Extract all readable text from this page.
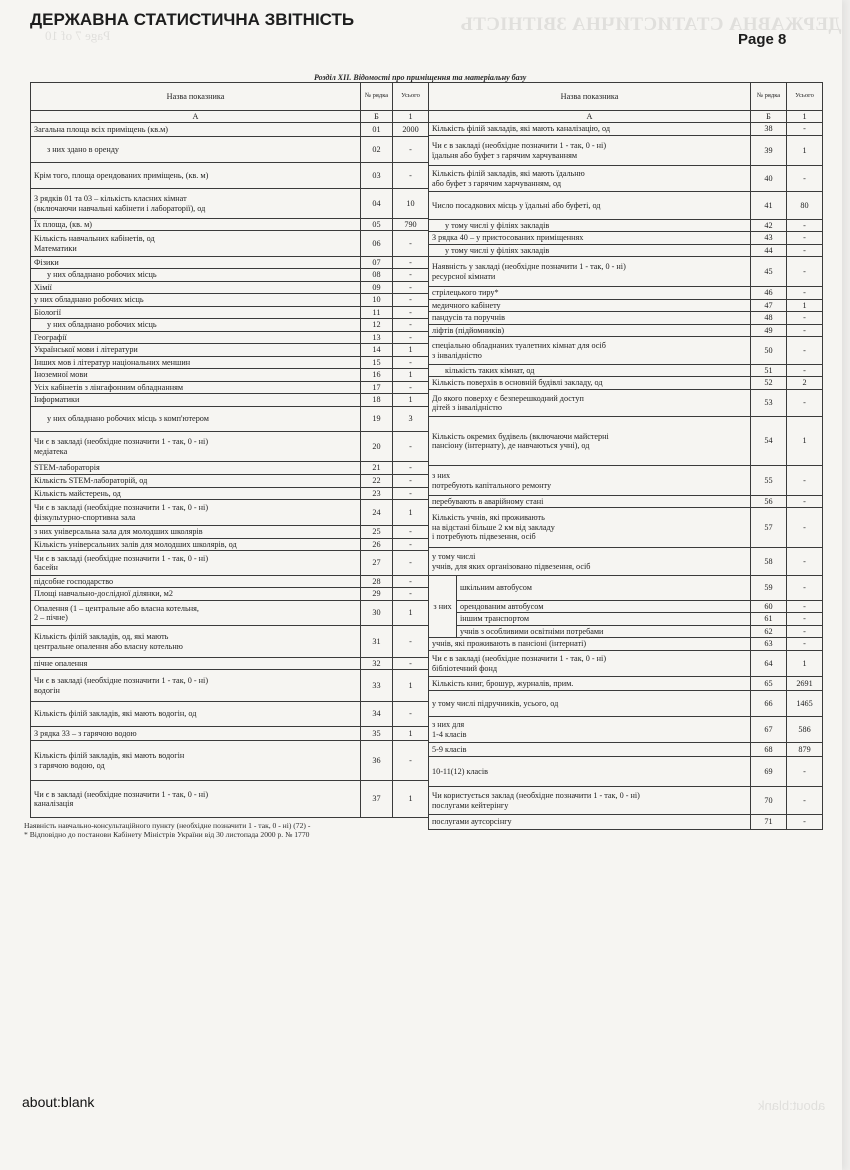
ДЕРЖАВНА СТАТИСТИЧНА ЗВІТНІСТЬ
Page 7 of 10
about:blank
ДЕРЖАВНА СТАТИСТИЧНА ЗВІТНІСТЬ
Page 8
Розділ XII. Відомості про приміщення та матеріальну базу
Назва показника	№ рядка	Усього
А	Б	1
Загальна площа всіх приміщень (кв.м)	01	2000
з них здано в оренду	02	-
Крім того, площа орендованих приміщень, (кв. м)	03	-
З рядків 01 та 03 – кількість класних кімнат
(включаючи навчальні кабінети і лабораторії), од	04	10
Їх площа, (кв. м)	05	790
Кількість навчальних кабінетів, од
Математики	06	-
Фізики	07	-
у них обладнано робочих місць	08	-
Хімії	09	-
у них обладнано робочих місць	10	-
Біології	11	-
у них обладнано робочих місць	12	-
Географії	13	-
Української мови і літератури	14	1
Інших мов і літератур національних меншин	15	-
Іноземної мови	16	1
Усіх кабінетів з лінгафонним обладнанням	17	-
Інформатики	18	1
у них обладнано робочих місць з комп'ютером	19	3
Чи є в закладі (необхідне позначити 1 - так, 0 - ні)
медіатека	20	-
STEM-лабораторія	21	-
Кількість STEM-лабораторій, од	22	-
Кількість майстерень, од	23	-
Чи є в закладі (необхідне позначити 1 - так, 0 - ні)
фізкультурно-спортивна зала	24	1
з них універсальна зала для молодших школярів	25	-
Кількість універсальних залів для молодших школярів, од	26	-
Чи є в закладі (необхідне позначити 1 - так, 0 - ні)
басейн	27	-
підсобне господарство	28	-
Площі навчально-дослідної ділянки, м2	29	-
Опалення (1 – центральне або власна котельня,
2 – пічне)	30	1
Кількість філій закладів, од, які мають
центральне опалення або власну котельню	31	-
пічне опалення	32	-
Чи є в закладі (необхідне позначити 1 - так, 0 - ні)
водогін	33	1
Кількість філій закладів, які мають водогін, од	34	-
З рядка 33 – з гарячою водою	35	1
Кількість філій закладів, які мають водогін
з гарячою водою, од	36	-
Чи є в закладі (необхідне позначити 1 - так, 0 - ні)
каналізація	37	1
Назва показника		№ рядка	Усього
А		Б	1
Кількість філій закладів, які мають каналізацію, од		38	-
Чи є в закладі (необхідне позначити 1 - так, 0 - ні)
їдальня або буфет з гарячим харчуванням		39	1
Кількість філій закладів, які мають їдальню
або буфет з гарячим харчуванням, од		40	-
Число посадкових місць у їдальні або буфеті, од		41	80
у тому числі у філіях закладів		42	-
З рядка 40 – у пристосованих приміщеннях		43	-
у тому числі у філіях закладів		44	-
Наявність у закладі (необхідне позначити 1 - так, 0 - ні)
ресурсної кімнати		45	-
стрілецького тиру*		46	-
медичного кабінету		47	1
пандусів та поручнів		48	-
ліфтів (підйомників)		49	-
спеціально обладнаних туалетних кімнат для осіб
з інвалідністю		50	-
кількість таких кімнат, од		51	-
Кількість поверхів в основній будівлі закладу, од		52	2
До якого поверху є безперешкодний доступ
дітей з інвалідністю		53	-
Кількість окремих будівель (включаючи майстерні
пансіону (інтернату), де навчаються учні), од		54	1
з них
потребують капітального ремонту		55	-
перебувають в аварійному стані		56	-
Кількість учнів, які проживають
на відстані більше 2 км від закладу
і потребують підвезення, осіб		57	-
у тому числі
учнів, для яких організовано підвезення, осіб		58	-
з них	шкільним автобусом	59	-
	орендованим автобусом	60	-
	іншим транспортом	61	-
	учнів з особливими освітніми потребами	62	-
учнів, які проживають в пансіоні (інтернаті)		63	-
Чи є в закладі (необхідне позначити 1 - так, 0 - ні)
бібліотечний фонд		64	1
Кількість книг, брошур, журналів, прим.		65	2691
у тому числі підручників, усього, од		66	1465
з них для
1-4 класів		67	586
5-9 класів		68	879
10-11(12) класів		69	-
Чи користується заклад (необхідне позначити 1 - так, 0 - ні)
послугами кейтерінгу		70	-
послугами аутсорсінгу		71	-
Наявність навчально-консультаційного пункту (необхідне позначити 1 - так, 0 - ні) (72) -
* Відповідно до постанови Кабінету Міністрів України від 30 листопада 2000 р. № 1770
about:blank
